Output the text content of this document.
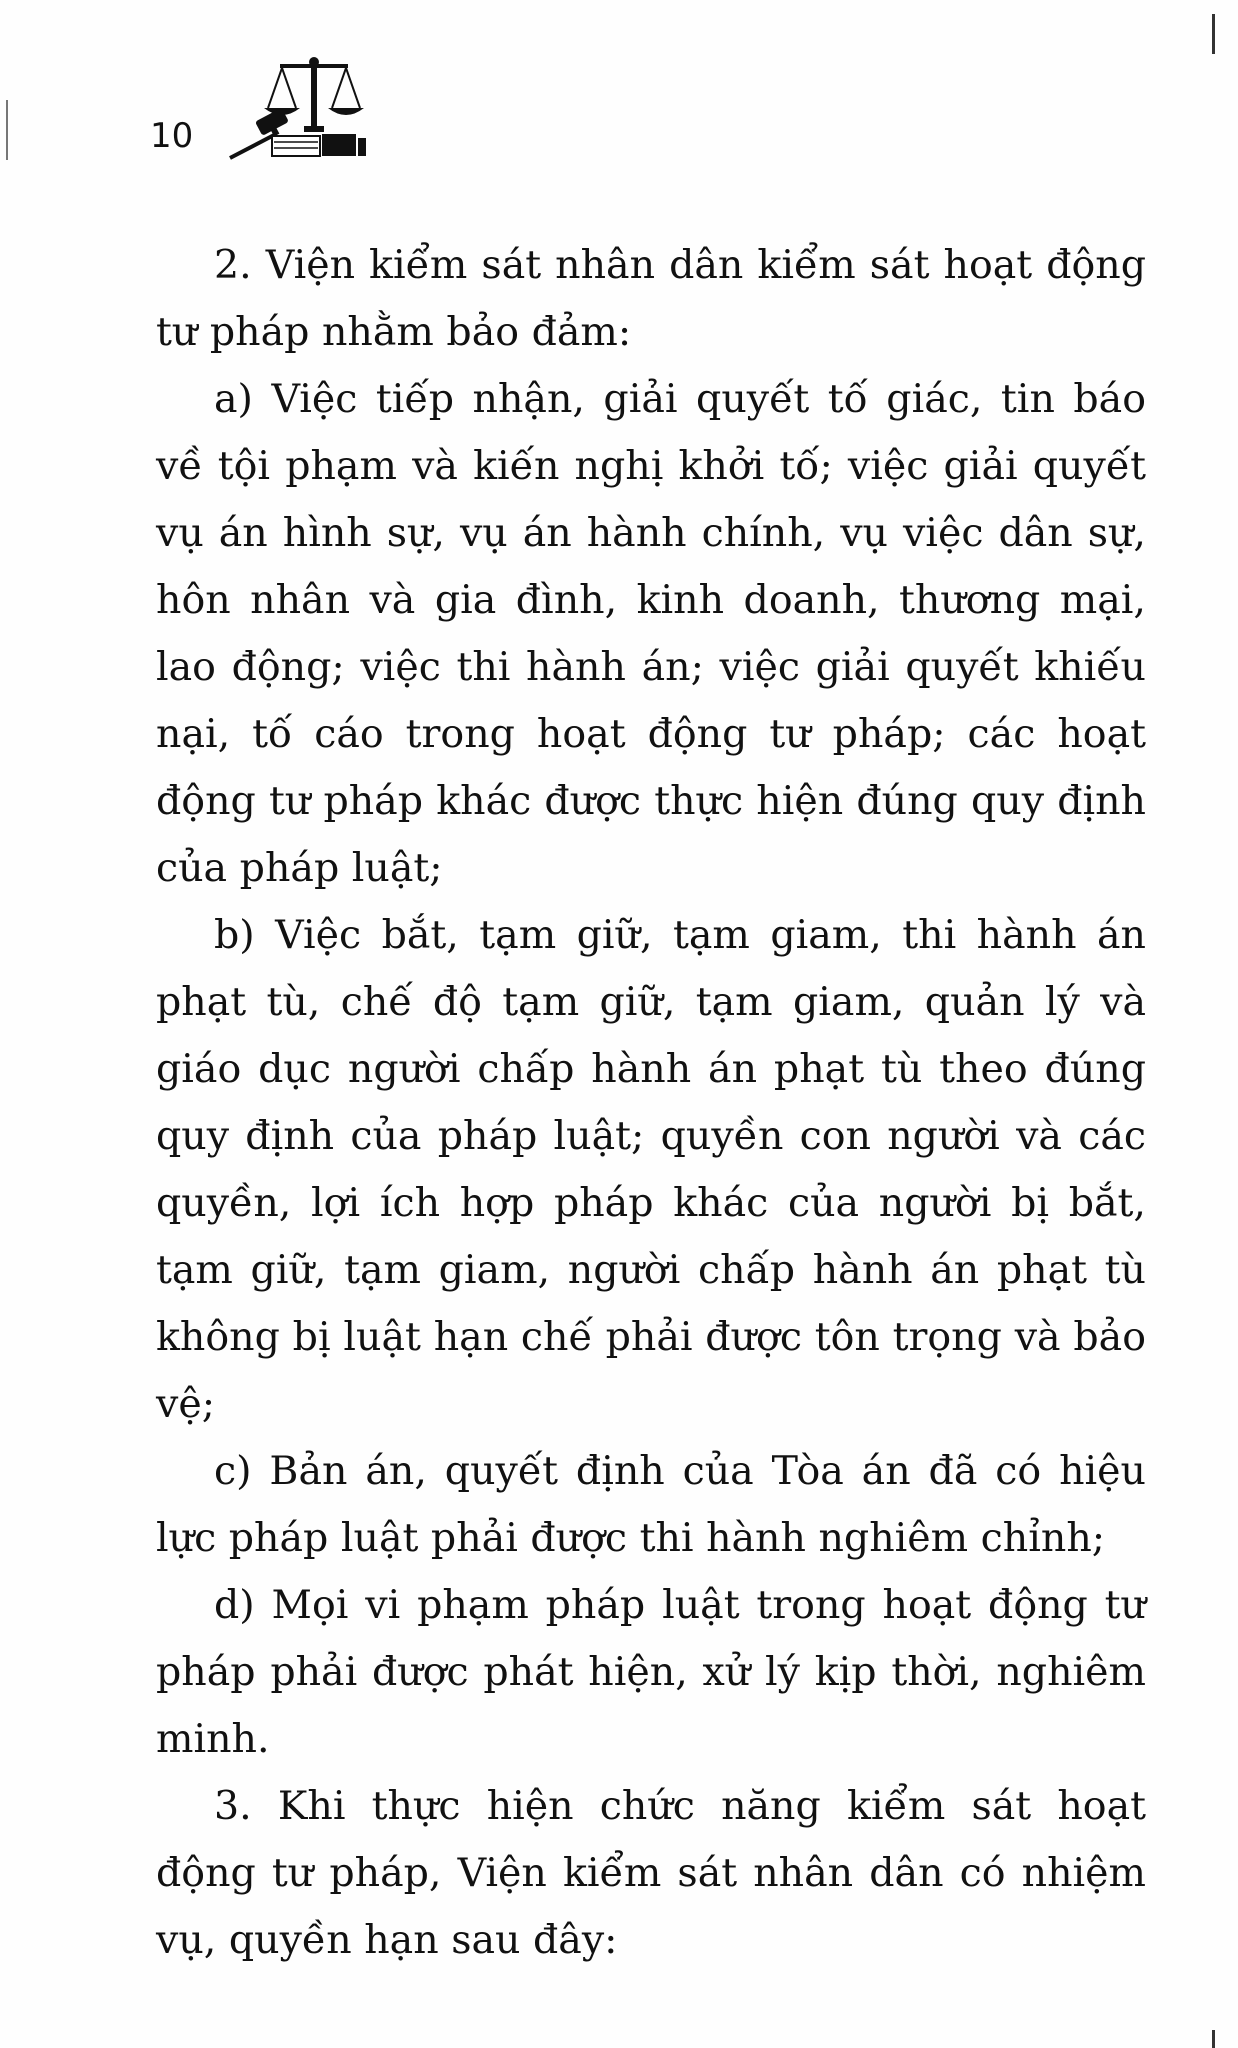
10

2. Viện kiểm sát nhân dân kiểm sát hoạt động tư pháp nhằm bảo đảm:

a) Việc tiếp nhận, giải quyết tố giác, tin báo về tội phạm và kiến nghị khởi tố; việc giải quyết vụ án hình sự, vụ án hành chính, vụ việc dân sự, hôn nhân và gia đình, kinh doanh, thương mại, lao động; việc thi hành án; việc giải quyết khiếu nại, tố cáo trong hoạt động tư pháp; các hoạt động tư pháp khác được thực hiện đúng quy định của pháp luật;

b) Việc bắt, tạm giữ, tạm giam, thi hành án phạt tù, chế độ tạm giữ, tạm giam, quản lý và giáo dục người chấp hành án phạt tù theo đúng quy định của pháp luật; quyền con người và các quyền, lợi ích hợp pháp khác của người bị bắt, tạm giữ, tạm giam, người chấp hành án phạt tù không bị luật hạn chế phải được tôn trọng và bảo vệ;

c) Bản án, quyết định của Tòa án đã có hiệu lực pháp luật phải được thi hành nghiêm chỉnh;

d) Mọi vi phạm pháp luật trong hoạt động tư pháp phải được phát hiện, xử lý kịp thời, nghiêm minh.

3. Khi thực hiện chức năng kiểm sát hoạt động tư pháp, Viện kiểm sát nhân dân có nhiệm vụ, quyền hạn sau đây:
